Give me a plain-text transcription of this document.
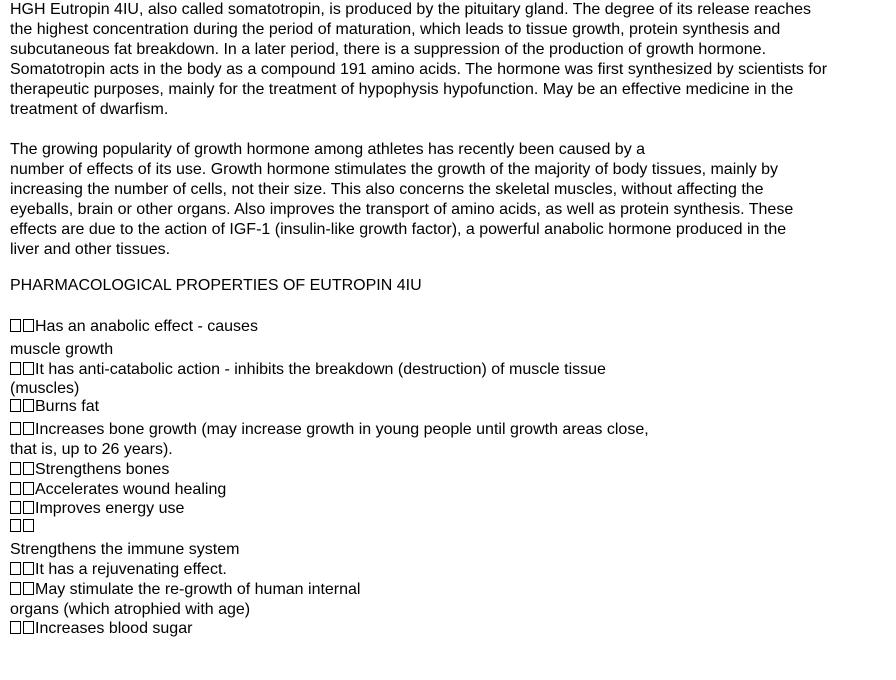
HGH Eutropin 4IU, also called somatotropin, is produced by the pituitary gland. The degree of its release reaches
the highest concentration during the period of maturation, which leads to tissue growth, protein synthesis and
subcutaneous fat breakdown. In a later period, there is a suppression of the production of growth hormone.
Somatotropin acts in the body as a compound 191 amino acids. The hormone was first synthesized by scientists for
therapeutic purposes, mainly for the treatment of hypophysis hypofunction. May be an effective medicine in the
treatment of dwarfism.

The growing popularity of growth hormone among athletes has recently been caused by a
number of effects of its use. Growth hormone stimulates the growth of the majority of body tissues, mainly by
increasing the number of cells, not their size. This also concerns the skeletal muscles, without affecting the
eyeballs, brain or other organs. Also improves the transport of amino acids, as well as protein synthesis. These
effects are due to the action of IGF-1 (insulin-like growth factor), a powerful anabolic hormone produced in the
liver and other tissues.

PHARMACOLOGICAL PROPERTIES OF EUTROPIN 4IU

Has an anabolic effect - causes

muscle growth

It has anti-catabolic action - inhibits the breakdown (destruction) of muscle tissue

(muscles)

Burns fat

Increases bone growth (may increase growth in young people until growth areas close,

that is, up to 26 years).

Strengthens bones

Accelerates wound healing

Improves energy use

Strengthens the immune system

It has a rejuvenating effect.

May stimulate the re-growth of human internal

organs (which atrophied with age)

Increases blood sugar
